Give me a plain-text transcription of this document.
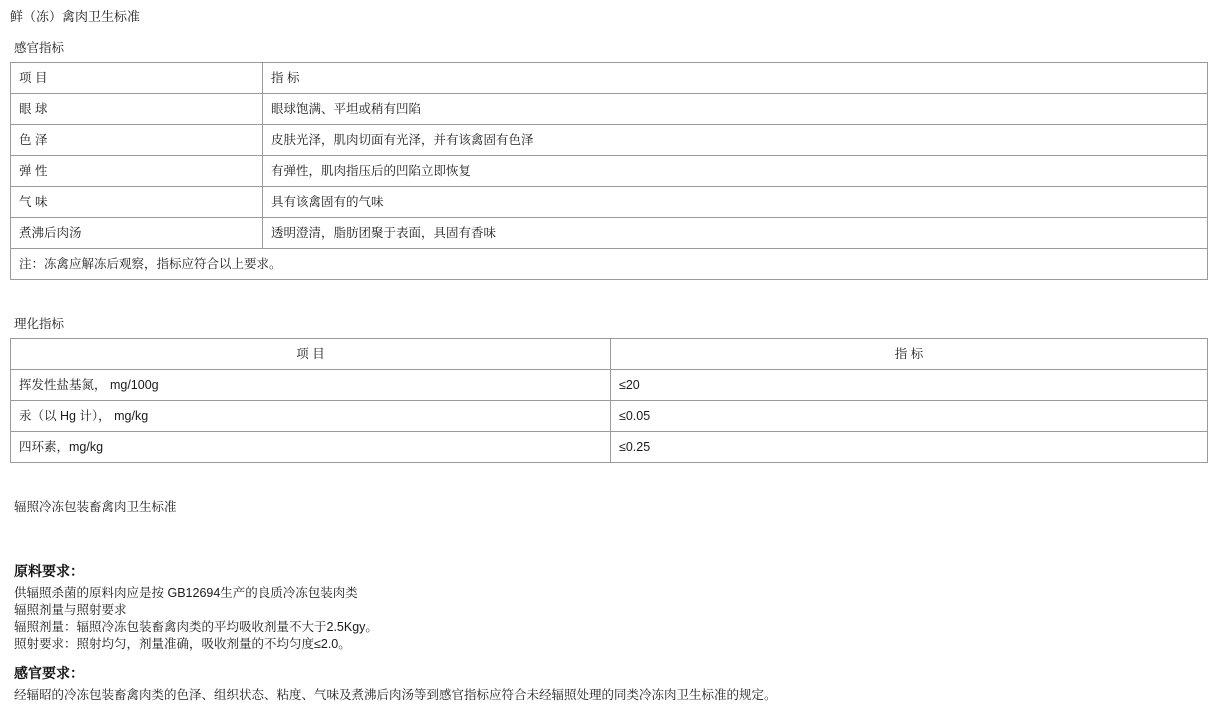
鲜（冻）禽肉卫生标准
感官指标
项 目	指 标
眼 球	眼球饱满、平坦或稍有凹陷
色 泽	皮肤光泽，肌肉切面有光泽，并有该禽固有色泽
弹 性	有弹性，肌肉指压后的凹陷立即恢复
气 味	具有该禽固有的气味
煮沸后肉汤	透明澄清，脂肪团聚于表面，具固有香味
注：冻禽应解冻后观察，指标应符合以上要求。	
理化指标
项 目	指 标
挥发性盐基氮， mg/100g	≤20
汞（以 Hg 计）， mg/kg	≤0.05
四环素，mg/kg	≤0.25
辐照冷冻包装畜禽肉卫生标准
原料要求：
供辐照杀菌的原料肉应是按 GB12694生产的良质冷冻包装肉类
辐照剂量与照射要求
辐照剂量：辐照冷冻包装畜禽肉类的平均吸收剂量不大于2.5Kgy。
照射要求：照射均匀，剂量准确，吸收剂量的不均匀度≤2.0。
感官要求：
经辐昭的冷冻包装畜禽肉类的色泽、组织状态、粘度、气味及煮沸后肉汤等到感官指标应符合未经辐照处理的同类冷冻肉卫生标准的规定。
